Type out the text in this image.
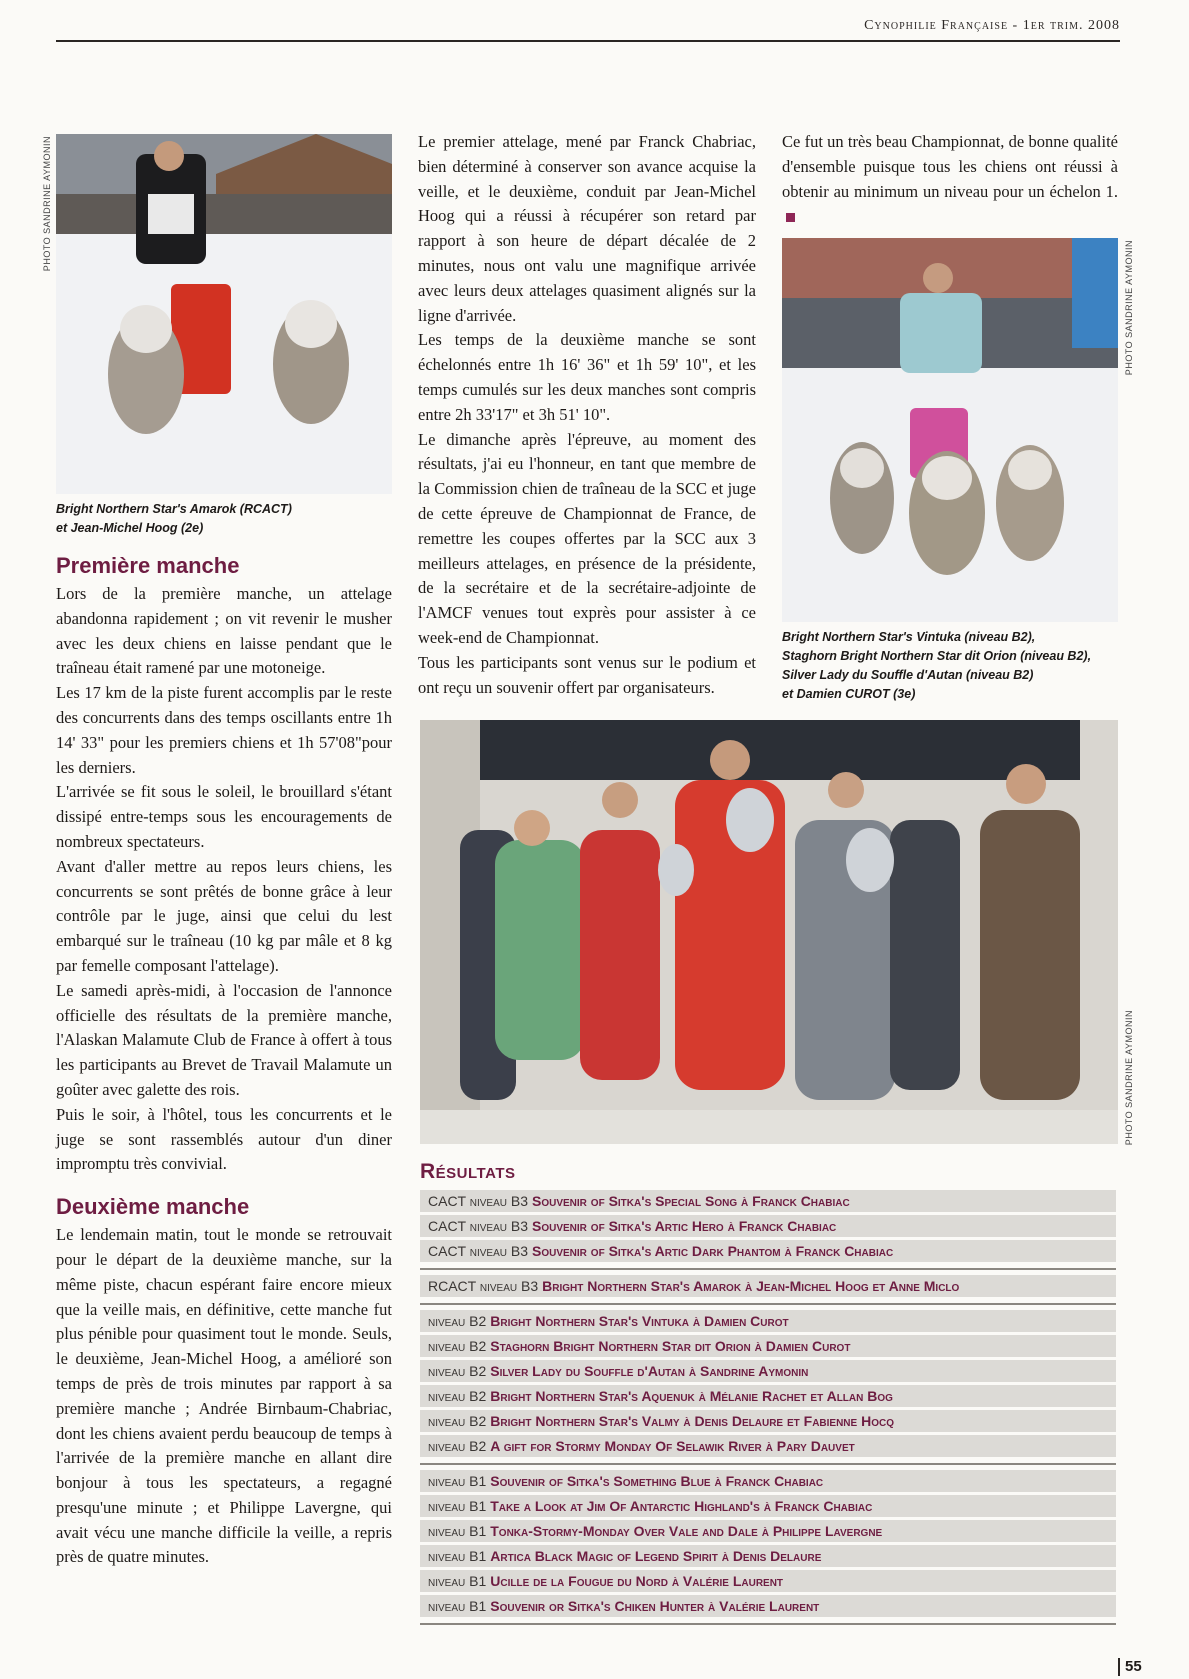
Cynophilie Française - 1er trim. 2008
PHOTO SANDRINE AYMONIN
Bright Northern Star's Amarok (RCACT)
et Jean-Michel Hoog (2e)
Première manche

Lors de la première manche, un attelage abandonna rapidement ; on vit revenir le musher avec les deux chiens en laisse pendant que le traîneau était ramené par une motoneige.

Les 17 km de la piste furent accomplis par le reste des concurrents dans des temps oscillants entre 1h 14' 33" pour les premiers chiens et 1h 57'08"pour les derniers.

L'arrivée se fit sous le soleil, le brouillard s'étant dissipé entre-temps sous les encouragements de nombreux spectateurs.

Avant d'aller mettre au repos leurs chiens, les concurrents se sont prêtés de bonne grâce à leur contrôle par le juge, ainsi que celui du lest embarqué sur le traîneau (10 kg par mâle et 8 kg par femelle composant l'attelage).

Le samedi après-midi, à l'occasion de l'annonce officielle des résultats de la première manche, l'Alaskan Malamute Club de France à offert à tous les participants au Brevet de Travail Malamute un goûter avec galette des rois.

Puis le soir, à l'hôtel, tous les concurrents et le juge se sont rassemblés autour d'un diner impromptu très convivial.

Deuxième manche

Le lendemain matin, tout le monde se retrouvait pour le départ de la deuxième manche, sur la même piste, chacun espérant faire encore mieux que la veille mais, en définitive, cette manche fut plus pénible pour quasiment tout le monde. Seuls, le deuxième, Jean-Michel Hoog, a amélioré son temps de près de trois minutes par rapport à sa première manche ; Andrée Birnbaum-Chabriac, dont les chiens avaient perdu beaucoup de temps à l'arrivée de la première manche en allant dire bonjour à tous les spectateurs, a regagné presqu'une minute ; et Philippe Lavergne, qui avait vécu une manche difficile la veille, a repris près de quatre minutes.

Le premier attelage, mené par Franck Chabriac, bien déterminé à conserver son avance acquise la veille, et le deuxième, conduit par Jean-Michel Hoog qui a réussi à récupérer son retard par rapport à son heure de départ décalée de 2 minutes, nous ont valu une magnifique arrivée avec leurs deux attelages quasiment alignés sur la ligne d'arrivée.

Les temps de la deuxième manche se sont échelonnés entre 1h 16' 36" et 1h 59' 10", et les temps cumulés sur les deux manches sont compris entre 2h 33'17" et 3h 51' 10".

Le dimanche après l'épreuve, au moment des résultats, j'ai eu l'honneur, en tant que membre de la Commission chien de traîneau de la SCC et juge de cette épreuve de Championnat de France, de remettre les coupes offertes par la SCC aux 3 meilleurs attelages, en présence de la présidente, de la secrétaire et de la secrétaire-adjointe de l'AMCF venues tout exprès pour assister à ce week-end de Championnat.

Tous les participants sont venus sur le podium et ont reçu un souvenir offert par organisateurs.

Ce fut un très beau Championnat, de bonne qualité d'ensemble puisque tous les chiens ont réussi à obtenir au minimum un niveau pour un échelon 1.

PHOTO SANDRINE AYMONIN
Bright Northern Star's Vintuka (niveau B2),
Staghorn Bright Northern Star dit Orion (niveau B2),
Silver Lady du Souffle d'Autan (niveau B2)
et Damien CUROT (3e)
PHOTO SANDRINE AYMONIN
Résultats
CACT niveau B3 Souvenir of Sitka's Special Song à Franck Chabiac
CACT niveau B3 Souvenir of Sitka's Artic Hero à Franck Chabiac
CACT niveau B3 Souvenir of Sitka's Artic Dark Phantom à Franck Chabiac
RCACT niveau B3 Bright Northern Star's Amarok à Jean-Michel Hoog et Anne Miclo
niveau B2 Bright Northern Star's Vintuka à Damien Curot
niveau B2 Staghorn Bright Northern Star dit Orion à Damien Curot
niveau B2 Silver Lady du Souffle d'Autan à Sandrine Aymonin
niveau B2 Bright Northern Star's Aquenuk à Mélanie Rachet et Allan Bog
niveau B2 Bright Northern Star's Valmy à Denis Delaure et Fabienne Hocq
niveau B2 A gift for Stormy Monday Of Selawik River à Pary Dauvet
niveau B1 Souvenir of Sitka's Something Blue à Franck Chabiac
niveau B1 Take a Look at Jim Of Antarctic Highland's à Franck Chabiac
niveau B1 Tonka-Stormy-Monday Over Vale and Dale à Philippe Lavergne
niveau B1 Artica Black Magic of Legend Spirit à Denis Delaure
niveau B1 Ucille de la Fougue du Nord à Valérie Laurent
niveau B1 Souvenir or Sitka's Chiken Hunter à Valérie Laurent
55
